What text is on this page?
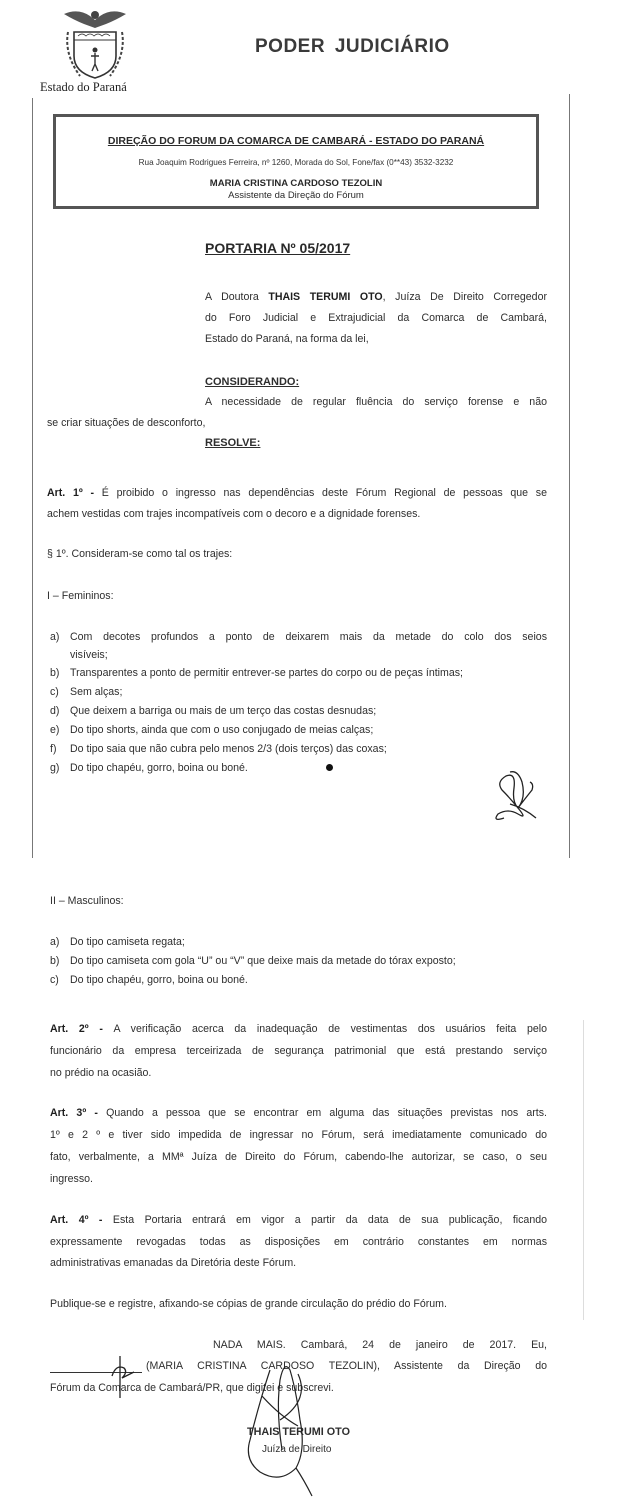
Estado do Paraná
PODER JUDICIÁRIO
DIREÇÃO DO FORUM DA COMARCA DE CAMBARÁ - ESTADO DO PARANÁ
Rua Joaquim Rodrigues Ferreira, nº 1260, Morada do Sol, Fone/fax (0**43) 3532-3232
MARIA CRISTINA CARDOSO TEZOLIN
Assistente da Direção do Fórum
PORTARIA Nº 05/2017
A Doutora THAIS TERUMI OTO, Juíza De Direito Corregedor
do Foro Judicial e Extrajudicial da Comarca de Cambará,
Estado do Paraná, na forma da lei,
CONSIDERANDO:
A necessidade de regular fluência do serviço forense e não
se criar situações de desconforto,
RESOLVE:
Art. 1º - É proibido o ingresso nas dependências deste Fórum Regional de pessoas que se
achem vestidas com trajes incompatíveis com o decoro e a dignidade forenses.
§ 1º. Consideram-se como tal os trajes:
I – Femininos:
a) Com decotes profundos a ponto de deixarem mais da metade do colo dos seios
visíveis;
b) Transparentes a ponto de permitir entrever-se partes do corpo ou de peças íntimas;
c) Sem alças;
d) Que deixem a barriga ou mais de um terço das costas desnudas;
e) Do tipo shorts, ainda que com o uso conjugado de meias calças;
f) Do tipo saia que não cubra pelo menos 2/3 (dois terços) das coxas;
g) Do tipo chapéu, gorro, boina ou boné.
II – Masculinos:
a) Do tipo camiseta regata;
b) Do tipo camiseta com gola “U” ou “V” que deixe mais da metade do tórax exposto;
c) Do tipo chapéu, gorro, boina ou boné.
Art. 2º - A verificação acerca da inadequação de vestimentas dos usuários feita pelo
funcionário da empresa terceirizada de segurança patrimonial que está prestando serviço
no prédio na ocasião.
Art. 3º - Quando a pessoa que se encontrar em alguma das situações previstas nos arts.
1º e 2 º e tiver sido impedida de ingressar no Fórum, será imediatamente comunicado do
fato, verbalmente, a MMª Juíza de Direito do Fórum, cabendo-lhe autorizar, se caso, o seu
ingresso.
Art. 4º - Esta Portaria entrará em vigor a partir da data de sua publicação, ficando
expressamente revogadas todas as disposições em contrário constantes em normas
administrativas emanadas da Diretória deste Fórum.
Publique-se e registre, afixando-se cópias de grande circulação do prédio do Fórum.
NADA MAIS. Cambará, 24 de janeiro de 2017. Eu,
(MARIA CRISTINA CARDOSO TEZOLIN), Assistente da Direção do
Fórum da Comarca de Cambará/PR, que digitei e subscrevi.
THAIS TERUMI OTO
Juíza de Direito
